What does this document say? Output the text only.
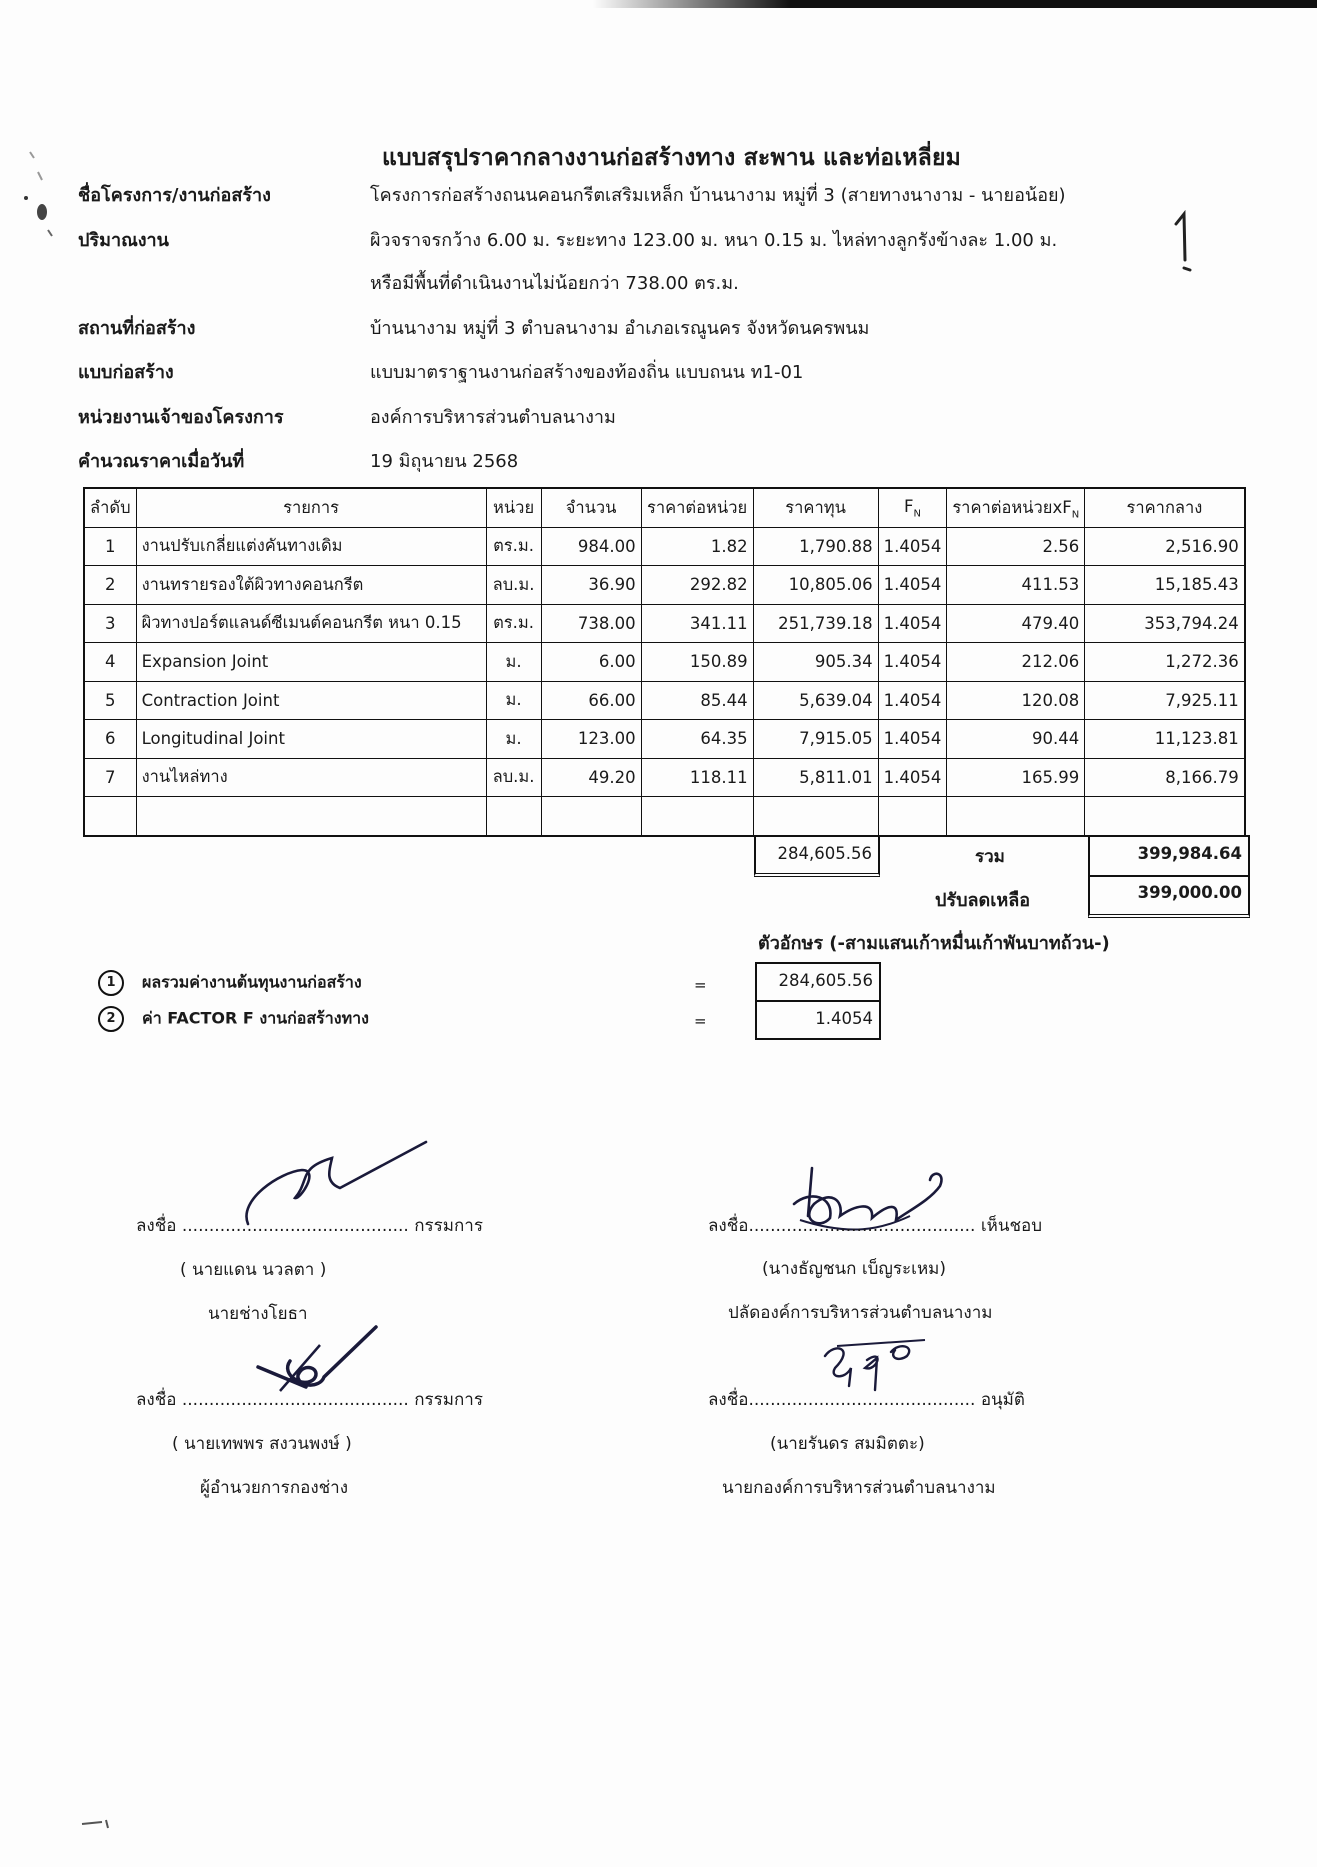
แบบสรุปราคากลางงานก่อสร้างทาง สะพาน และท่อเหลี่ยม
ชื่อโครงการ/งานก่อสร้าง	โครงการก่อสร้างถนนคอนกรีตเสริมเหล็ก บ้านนางาม หมู่ที่ 3 (สายทางนางาม - นายอน้อย)
ปริมาณงาน	ผิวจราจรกว้าง 6.00 ม. ระยะทาง 123.00 ม. หนา 0.15 ม. ไหล่ทางลูกรังข้างละ 1.00 ม.
หรือมีพื้นที่ดำเนินงานไม่น้อยกว่า 738.00 ตร.ม.
สถานที่ก่อสร้าง	บ้านนางาม หมู่ที่ 3 ตำบลนางาม อำเภอเรณูนคร จังหวัดนครพนม
แบบก่อสร้าง	แบบมาตราฐานงานก่อสร้างของท้องถิ่น แบบถนน ท1-01
หน่วยงานเจ้าของโครงการ	องค์การบริหารส่วนตำบลนางาม
คำนวณราคาเมื่อวันที่	19 มิถุนายน 2568
ลำดับ	รายการ	หน่วย	จำนวน	ราคาต่อหน่วย	ราคาทุน	$F_N$	ราคาต่อหน่วย$xF_N$	ราคากลาง
1	งานปรับเกลี่ยแต่งคันทางเดิม	ตร.ม.	984.00	1.82	1,790.88	1.4054	2.56	2,516.90
2	งานทรายรองใต้ผิวทางคอนกรีต	ลบ.ม.	36.90	292.82	10,805.06	1.4054	411.53	15,185.43
3	ผิวทางปอร์ตแลนด์ซีเมนต์คอนกรีต หนา 0.15	ตร.ม.	738.00	341.11	251,739.18	1.4054	479.40	353,794.24
4	Expansion Joint	ม.	6.00	150.89	905.34	1.4054	212.06	1,272.36
5	Contraction Joint	ม.	66.00	85.44	5,639.04	1.4054	120.08	7,925.11
6	Longitudinal Joint	ม.	123.00	64.35	7,915.05	1.4054	90.44	11,123.81
7	งานไหล่ทาง	ลบ.ม.	49.20	118.11	5,811.01	1.4054	165.99	8,166.79

284,605.56	รวม	399,984.64
ปรับลดเหลือ	399,000.00
ตัวอักษร (-สามแสนเก้าหมื่นเก้าพันบาทถ้วน-)
1 ผลรวมค่างานต้นทุนงานก่อสร้าง	=	284,605.56
2 ค่า FACTOR F งานก่อสร้างทาง	=	1.4054
ลงชื่อ .......................................... กรรมการ
( นายแดน นวลตา )
นายช่างโยธา
ลงชื่อ .......................................... กรรมการ
( นายเทพพร สงวนพงษ์ )
ผู้อำนวยการกองช่าง
ลงชื่อ.......................................... เห็นชอบ
(นางธัญชนก เบ็ญระเหม)
ปลัดองค์การบริหารส่วนตำบลนางาม
ลงชื่อ.......................................... อนุมัติ
(นายรันดร สมมิตตะ)
นายกองค์การบริหารส่วนตำบลนางาม
